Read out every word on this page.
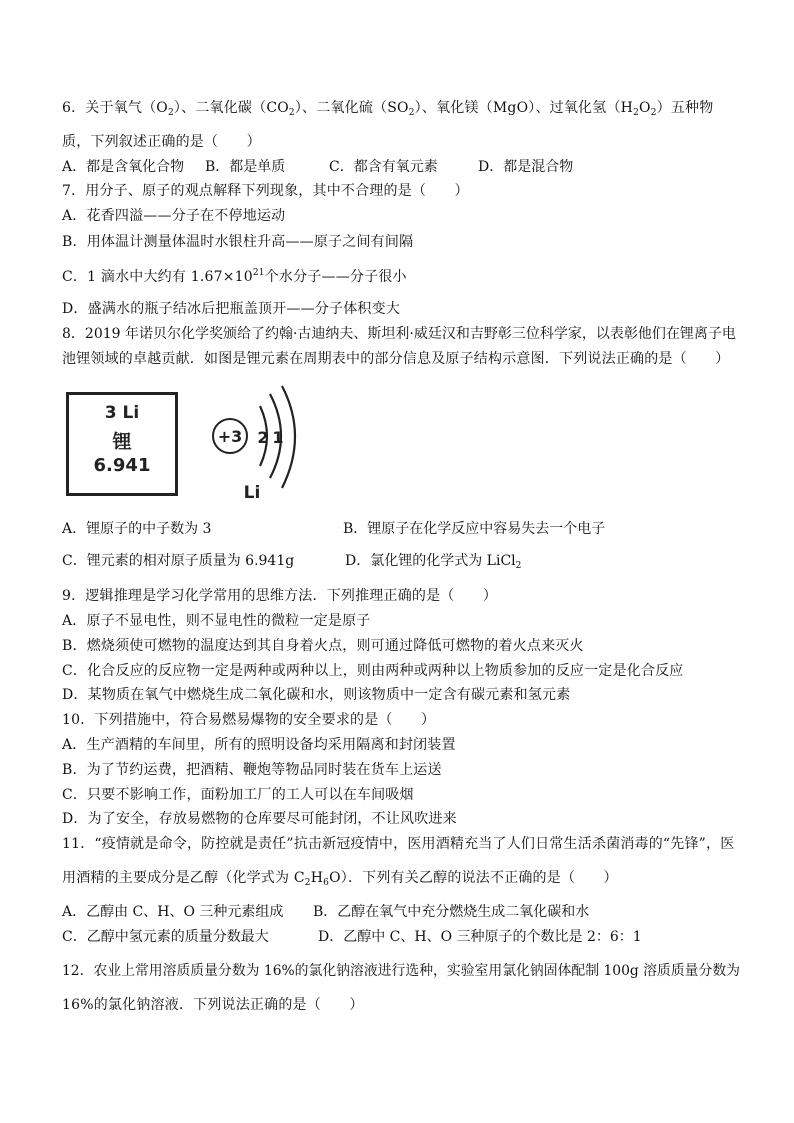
6．关于氧气$(O_2)$、二氧化碳$(CO_2)$、二氧化硫$(SO_2)$、氧化镁（MgO）、过氧化氢$(H_2O_2)$五种物
质，下列叙述正确的是（　　）
A．都是含氧化合物 B．都是单质	C．都含有氧元素	D．都是混合物
7．用分子、原子的观点解释下列现象，其中不合理的是（　　）
A．花香四溢——分子在不停地运动
B．用体温计测量体温时水银柱升高——原子之间有间隔
C．1 滴水中大约有 $1.67\times 10^{21}$个水分子——分子很小
D．盛满水的瓶子结冰后把瓶盖顶开——分子体积变大
8．2019 年诺贝尔化学奖颁给了约翰·古迪纳夫、斯坦利·威廷汉和吉野彰三位科学家，以表彰他们在锂离子电
池锂领域的卓越贡献．如图是锂元素在周期表中的部分信息及原子结构示意图．下列说法正确的是（　　）
3 Li
锂
6.941
+3 2 1
Li
A．锂原子的中子数为 3	B．锂原子在化学反应中容易失去一个电子
C．锂元素的相对原子质量为 6.941g	D．氯化锂的化学式为 LiCl$_2$
9．逻辑推理是学习化学常用的思维方法．下列推理正确的是（　　）
A．原子不显电性，则不显电性的微粒一定是原子
B．燃烧须使可燃物的温度达到其自身着火点，则可通过降低可燃物的着火点来灭火
C．化合反应的反应物一定是两种或两种以上，则由两种或两种以上物质参加的反应一定是化合反应
D．某物质在氧气中燃烧生成二氧化碳和水，则该物质中一定含有碳元素和氢元素
10．下列措施中，符合易燃易爆物的安全要求的是（　　）
A．生产酒精的车间里，所有的照明设备均采用隔离和封闭装置
B．为了节约运费，把酒精、鞭炮等物品同时装在货车上运送
C．只要不影响工作，面粉加工厂的工人可以在车间吸烟
D．为了安全，存放易燃物的仓库要尽可能封闭，不让风吹进来
11．“疫情就是命令，防控就是责任”抗击新冠疫情中，医用酒精充当了人们日常生活杀菌消毒的“先锋”，医
用酒精的主要成分是乙醇（化学式为 $C_2H_6O$）．下列有关乙醇的说法不正确的是（　　）
A．乙醇由 C、H、O 三种元素组成 B．乙醇在氧气中充分燃烧生成二氧化碳和水
C．乙醇中氢元素的质量分数最大	D．乙醇中 C、H、O 三种原子的个数比是 2：6：1
12．农业上常用溶质质量分数为 16%的氯化钠溶液进行选种，实验室用氯化钠固体配制 100g 溶质质量分数为
16%的氯化钠溶液．下列说法正确的是（　　）
